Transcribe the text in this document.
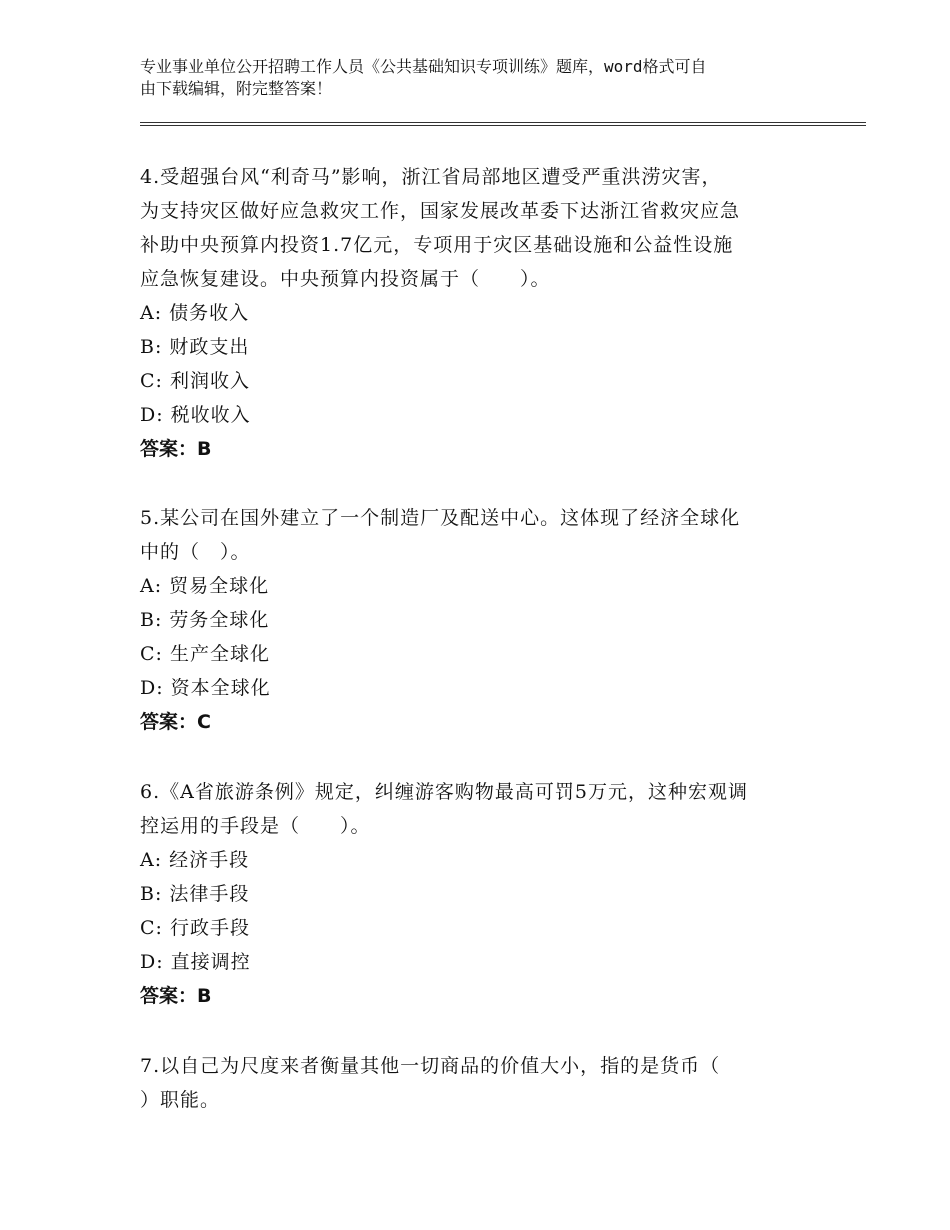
专业事业单位公开招聘工作人员《公共基础知识专项训练》题库，word格式可自
由下载编辑，附完整答案！
4.受超强台风“利奇马”影响，浙江省局部地区遭受严重洪涝灾害，
为支持灾区做好应急救灾工作，国家发展改革委下达浙江省救灾应急
补助中央预算内投资1.7亿元，专项用于灾区基础设施和公益性设施
应急恢复建设。中央预算内投资属于（　　）。
A: 债务收入
B: 财政支出
C: 利润收入
D: 税收收入
答案：B
5.某公司在国外建立了一个制造厂及配送中心。这体现了经济全球化
中的（　）。
A: 贸易全球化
B: 劳务全球化
C: 生产全球化
D: 资本全球化
答案：C
6.《A省旅游条例》规定，纠缠游客购物最高可罚5万元，这种宏观调
控运用的手段是（　　）。
A: 经济手段
B: 法律手段
C: 行政手段
D: 直接调控
答案：B
7.以自己为尺度来者衡量其他一切商品的价值大小，指的是货币（
）职能。
